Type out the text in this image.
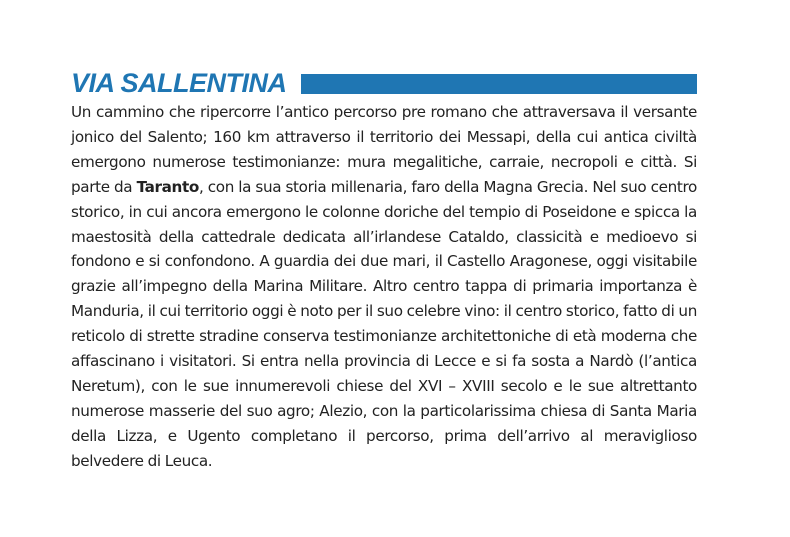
VIA SALLENTINA

Un cammino che ripercorre l’antico percorso pre romano che attraversava il versante jonico del Salento; 160 km attraverso il territorio dei Messapi, della cui antica civiltà emergono numerose testimonianze: mura megalitiche, carraie, necropoli e città. Si parte da Taranto, con la sua storia millenaria, faro della Magna Grecia. Nel suo centro storico, in cui ancora emergono le colonne doriche del tempio di Poseidone e spicca la maestosità della cattedrale dedicata all’irlandese Cataldo, classicità e medioevo si fondono e si confondono. A guardia dei due mari, il Castello Aragonese, oggi visitabile grazie all’impegno della Marina Militare. Altro centro tappa di primaria importanza è Manduria, il cui territorio oggi è noto per il suo celebre vino: il centro storico, fatto di un reticolo di strette stradine conserva testimonianze architettoniche di età moderna che affascinano i visitatori. Si entra nella provincia di Lecce e si fa sosta a Nardò (l’antica Neretum), con le sue innumerevoli chiese del XVI – XVIII secolo e le sue altrettanto numerose masserie del suo agro; Alezio, con la particolarissima chiesa di Santa Maria della Lizza, e Ugento completano il percorso, prima dell’arrivo al meraviglioso belvedere di Leuca.
